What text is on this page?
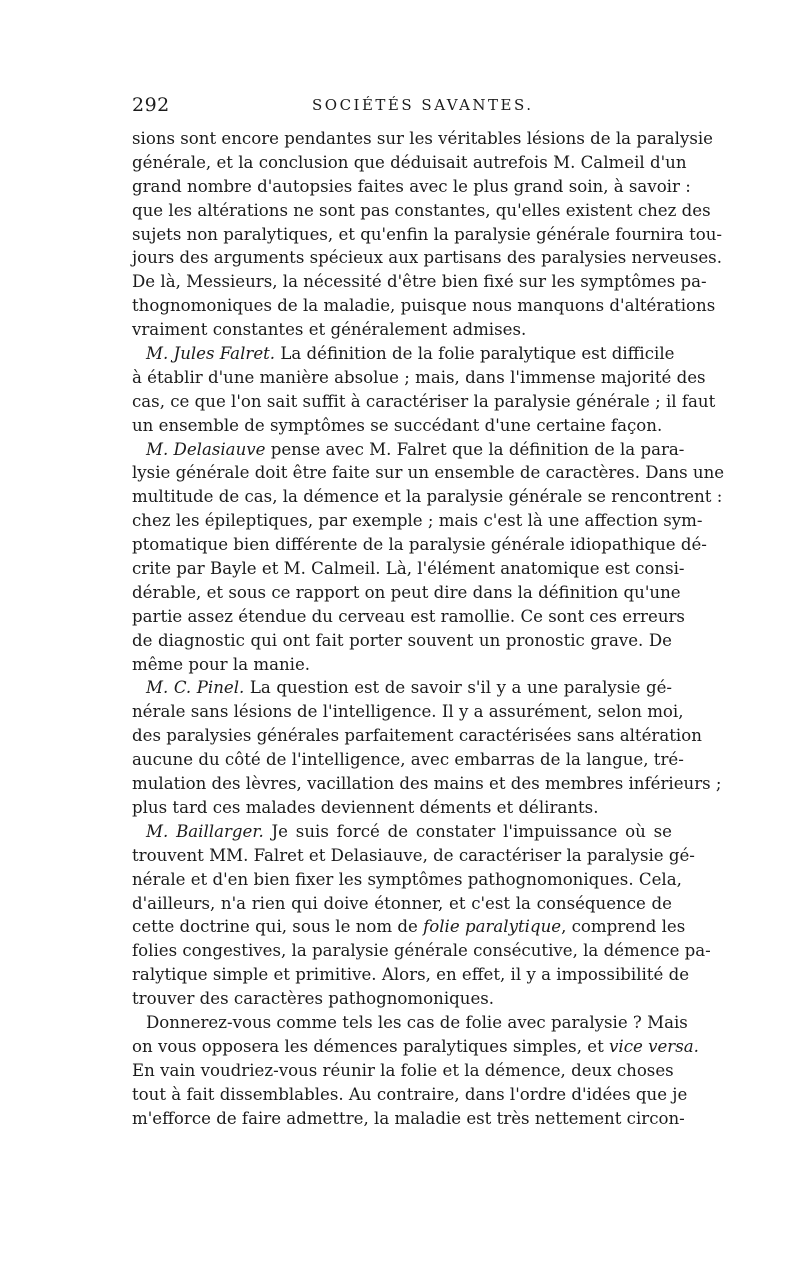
292	SOCIÉTÉS SAVANTES.
sions sont encore pendantes sur les véritables lésions de la paralysie
générale, et la conclusion que déduisait autrefois M. Calmeil d'un
grand nombre d'autopsies faites avec le plus grand soin, à savoir :
que les altérations ne sont pas constantes, qu'elles existent chez des
sujets non paralytiques, et qu'enfin la paralysie générale fournira tou-
jours des arguments spécieux aux partisans des paralysies nerveuses.
De là, Messieurs, la nécessité d'être bien fixé sur les symptômes pa-
thognomoniques de la maladie, puisque nous manquons d'altérations
vraiment constantes et généralement admises.
M. Jules Falret. La définition de la folie paralytique est difficile
à établir d'une manière absolue ; mais, dans l'immense majorité des
cas, ce que l'on sait suffit à caractériser la paralysie générale ; il faut
un ensemble de symptômes se succédant d'une certaine façon.
M. Delasiauve pense avec M. Falret que la définition de la para-
lysie générale doit être faite sur un ensemble de caractères. Dans une
multitude de cas, la démence et la paralysie générale se rencontrent :
chez les épileptiques, par exemple ; mais c'est là une affection sym-
ptomatique bien différente de la paralysie générale idiopathique dé-
crite par Bayle et M. Calmeil. Là, l'élément anatomique est consi-
dérable, et sous ce rapport on peut dire dans la définition qu'une
partie assez étendue du cerveau est ramollie. Ce sont ces erreurs
de diagnostic qui ont fait porter souvent un pronostic grave. De
même pour la manie.
M. C. Pinel. La question est de savoir s'il y a une paralysie gé-
nérale sans lésions de l'intelligence. Il y a assurément, selon moi,
des paralysies générales parfaitement caractérisées sans altération
aucune du côté de l'intelligence, avec embarras de la langue, tré-
mulation des lèvres, vacillation des mains et des membres inférieurs ;
plus tard ces malades deviennent déments et délirants.
M. Baillarger. Je suis forcé de constater l'impuissance où se
trouvent MM. Falret et Delasiauve, de caractériser la paralysie gé-
nérale et d'en bien fixer les symptômes pathognomoniques. Cela,
d'ailleurs, n'a rien qui doive étonner, et c'est la conséquence de
cette doctrine qui, sous le nom de folie paralytique, comprend les
folies congestives, la paralysie générale consécutive, la démence pa-
ralytique simple et primitive. Alors, en effet, il y a impossibilité de
trouver des caractères pathognomoniques.
Donnerez-vous comme tels les cas de folie avec paralysie ? Mais
on vous opposera les démences paralytiques simples, et vice versa.
En vain voudriez-vous réunir la folie et la démence, deux choses
tout à fait dissemblables. Au contraire, dans l'ordre d'idées que je
m'efforce de faire admettre, la maladie est très nettement circon-
